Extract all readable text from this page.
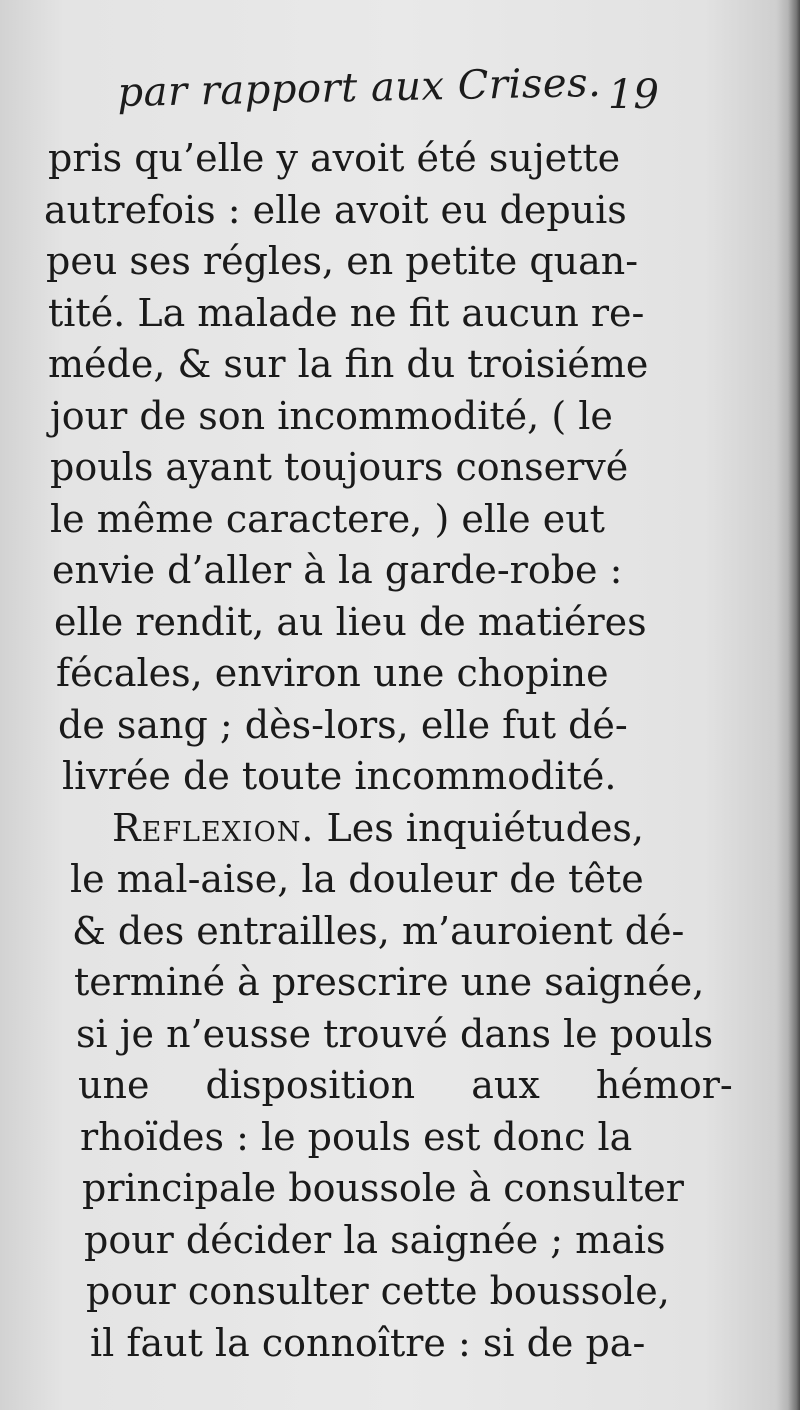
par rapport aux Crises. 19
pris qu’elle y avoit été sujette
autrefois : elle avoit eu depuis
peu ses régles, en petite quan-
tité. La malade ne fit aucun re-
méde, & sur la fin du troisiéme
jour de son incommodité, ( le
pouls ayant toujours conservé
le même caractere, ) elle eut
envie d’aller à la garde-robe :
elle rendit, au lieu de matiéres
fécales, environ une chopine
de sang ; dès-lors, elle fut dé-
livrée de toute incommodité.
Reflexion. Les inquiétudes,
le mal-aise, la douleur de tête
& des entrailles, m’auroient dé-
terminé à prescrire une saignée,
si je n’eusse trouvé dans le pouls
une disposition aux hémor-
rhoïdes : le pouls est donc la
principale boussole à consulter
pour décider la saignée ; mais
pour consulter cette boussole,
il faut la connoître : si de pa-
